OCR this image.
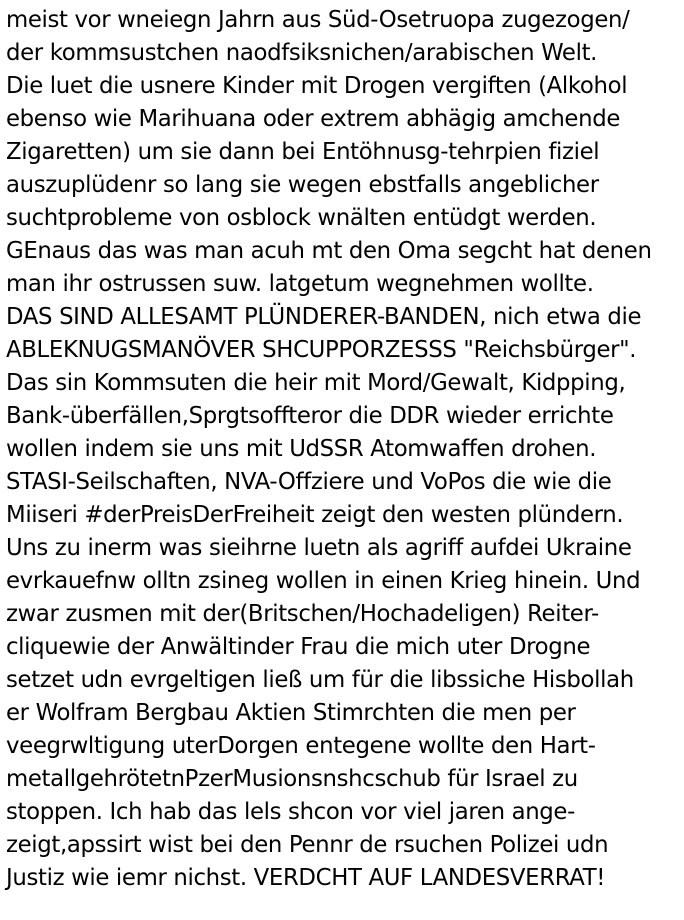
meist vor wneiegn Jahrn aus Süd-Osetruopa zugezogen/
der kommsustchen naodfsiksnichen/arabischen Welt.
Die luet die usnere Kinder mit Drogen vergiften (Alkohol
ebenso wie Marihuana oder extrem abhägig amchende
Zigaretten) um sie dann bei Entöhnusg-tehrpien fiziel
auszuplüdenr so lang sie wegen ebstfalls angeblicher
suchtprobleme von osblock wnälten entüdgt werden.
GEnaus das was man acuh mt den Oma segcht hat denen
man ihr ostrussen suw. latgetum wegnehmen wollte.
DAS SIND ALLESAMT PLÜNDERER-BANDEN, nich etwa die
ABLEKNUGSMANÖVER SHCUPPORZESSS "Reichsbürger".
Das sin Kommsuten die heir mit Mord/Gewalt, Kidpping,
Bank-überfällen,Sprgtsoffteror die DDR wieder errichte
wollen indem sie uns mit UdSSR Atomwaffen drohen.
STASI-Seilschaften, NVA-Offziere und VoPos die wie die
Miiseri #derPreisDerFreiheit zeigt den westen plündern.
Uns zu inerm was sieihrne luetn als agriff aufdei Ukraine
evrkauefnw olltn zsineg wollen in einen Krieg hinein. Und
zwar zusmen mit der(Britschen/Hochadeligen) Reiter-
cliquewie der Anwältinder Frau die mich uter Drogne
setzet udn evrgeltigen ließ um für die libssiche Hisbollah
er Wolfram Bergbau Aktien Stimrchten die men per
veegrwltigung uterDorgen entegene wollte den Hart-
metallgehrötetnPzerMusionsnshcschub für Israel zu
stoppen. Ich hab das lels shcon vor viel jaren ange-
zeigt,apssirt wist bei den Pennr de rsuchen Polizei udn
Justiz wie iemr nichst. VERDCHT AUF LANDESVERRAT!
